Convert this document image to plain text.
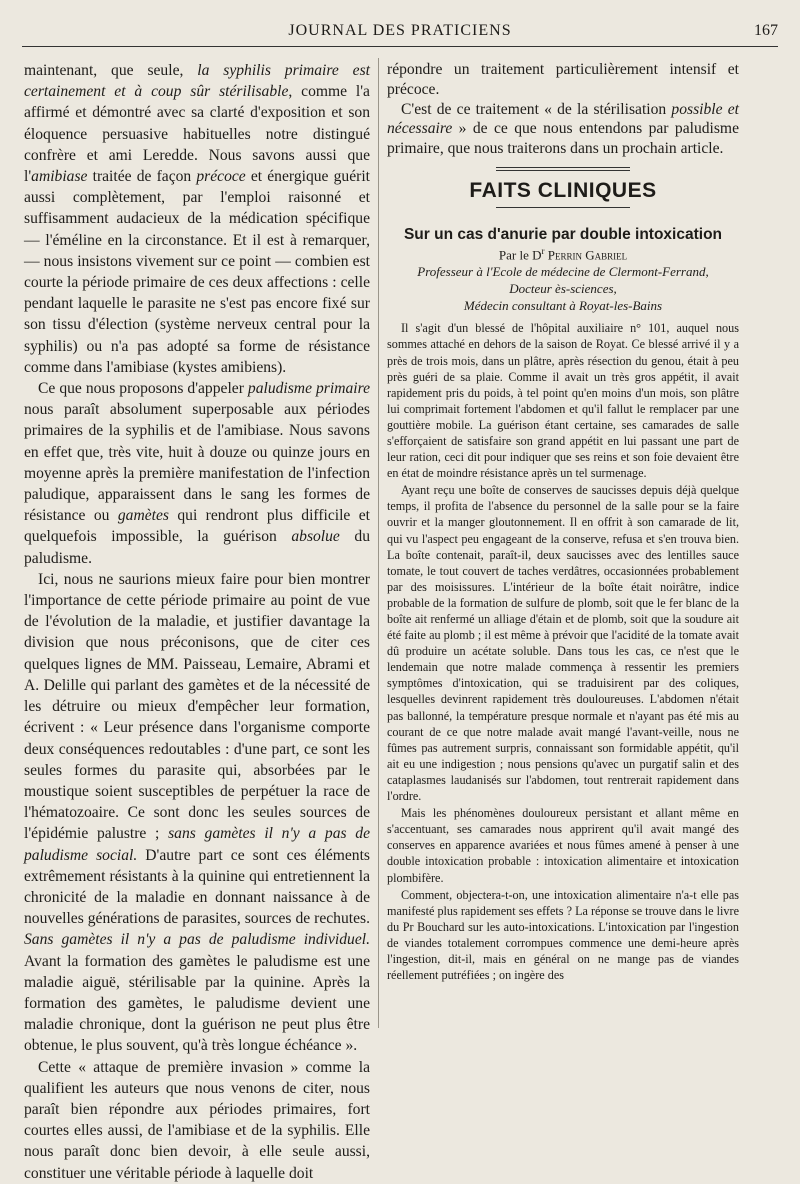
JOURNAL DES PRATICIENS	167

maintenant, que seule, la syphilis primaire est certainement et à coup sûr stérilisable, comme l'a affirmé et démontré avec sa clarté d'exposition et son éloquence persuasive habituelles notre distingué confrère et ami Leredde. Nous savons aussi que l'amibiase traitée de façon précoce et énergique guérit aussi complètement, par l'emploi raisonné et suffisamment audacieux de la médication spécifique — l'éméline en la circonstance. Et il est à remarquer, — nous insistons vivement sur ce point — combien est courte la période primaire de ces deux affections : celle pendant laquelle le parasite ne s'est pas encore fixé sur son tissu d'élection (système nerveux central pour la syphilis) ou n'a pas adopté sa forme de résistance comme dans l'amibiase (kystes amibiens).

Ce que nous proposons d'appeler paludisme primaire nous paraît absolument superposable aux périodes primaires de la syphilis et de l'amibiase. Nous savons en effet que, très vite, huit à douze ou quinze jours en moyenne après la première manifestation de l'infection paludique, apparaissent dans le sang les formes de résistance ou gamètes qui rendront plus difficile et quelquefois impossible, la guérison absolue du paludisme.

Ici, nous ne saurions mieux faire pour bien montrer l'importance de cette période primaire au point de vue de l'évolution de la maladie, et justifier davantage la division que nous préconisons, que de citer ces quelques lignes de MM. Paisseau, Lemaire, Abrami et A. Delille qui parlant des gamètes et de la nécessité de les détruire ou mieux d'empêcher leur formation, écrivent : « Leur présence dans l'organisme comporte deux conséquences redoutables : d'une part, ce sont les seules formes du parasite qui, absorbées par le moustique soient susceptibles de perpétuer la race de l'hématozoaire. Ce sont donc les seules sources de l'épidémie palustre ; sans gamètes il n'y a pas de paludisme social. D'autre part ce sont ces éléments extrêmement résistants à la quinine qui entretiennent la chronicité de la maladie en donnant naissance à de nouvelles générations de parasites, sources de rechutes. Sans gamètes il n'y a pas de paludisme individuel. Avant la formation des gamètes le paludisme est une maladie aiguë, stérilisable par la quinine. Après la formation des gamètes, le paludisme devient une maladie chronique, dont la guérison ne peut plus être obtenue, le plus souvent, qu'à très longue échéance ».

Cette « attaque de première invasion » comme la qualifient les auteurs que nous venons de citer, nous paraît bien répondre aux périodes primaires, fort courtes elles aussi, de l'amibiase et de la syphilis. Elle nous paraît donc bien devoir, à elle seule aussi, constituer une véritable période à laquelle doit

répondre un traitement particulièrement intensif et précoce.

C'est de ce traitement « de la stérilisation possible et nécessaire » de ce que nous entendons par paludisme primaire, que nous traiterons dans un prochain article.

FAITS CLINIQUES
Sur un cas d'anurie par double intoxication
Par le $D^r$ Perrin Gabriel
Professeur à l'Ecole de médecine de Clermont-Ferrand,
Docteur ès-sciences,
Médecin consultant à Royat-les-Bains

Il s'agit d'un blessé de l'hôpital auxiliaire n° 101, auquel nous sommes attaché en dehors de la saison de Royat. Ce blessé arrivé il y a près de trois mois, dans un plâtre, après résection du genou, était à peu près guéri de sa plaie. Comme il avait un très gros appétit, il avait rapidement pris du poids, à tel point qu'en moins d'un mois, son plâtre lui comprimait fortement l'abdomen et qu'il fallut le remplacer par une gouttière mobile. La guérison étant certaine, ses camarades de salle s'efforçaient de satisfaire son grand appétit en lui passant une part de leur ration, ceci dit pour indiquer que ses reins et son foie devaient être en état de moindre résistance après un tel surmenage.

Ayant reçu une boîte de conserves de saucisses depuis déjà quelque temps, il profita de l'absence du personnel de la salle pour se la faire ouvrir et la manger gloutonnement. Il en offrit à son camarade de lit, qui vu l'aspect peu engageant de la conserve, refusa et s'en trouva bien. La boîte contenait, paraît-il, deux saucisses avec des lentilles sauce tomate, le tout couvert de taches verdâtres, occasionnées probablement par des moisissures. L'intérieur de la boîte était noirâtre, indice probable de la formation de sulfure de plomb, soit que le fer blanc de la boîte ait renfermé un alliage d'étain et de plomb, soit que la soudure ait été faite au plomb ; il est même à prévoir que l'acidité de la tomate avait dû produire un acétate soluble. Dans tous les cas, ce n'est que le lendemain que notre malade commença à ressentir les premiers symptômes d'intoxication, qui se traduisirent par des coliques, lesquelles devinrent rapidement très douloureuses. L'abdomen n'était pas ballonné, la température presque normale et n'ayant pas été mis au courant de ce que notre malade avait mangé l'avant-veille, nous ne fûmes pas autrement surpris, connaissant son formidable appétit, qu'il ait eu une indigestion ; nous pensions qu'avec un purgatif salin et des cataplasmes laudanisés sur l'abdomen, tout rentrerait rapidement dans l'ordre.

Mais les phénomènes douloureux persistant et allant même en s'accentuant, ses camarades nous apprirent qu'il avait mangé des conserves en apparence avariées et nous fûmes amené à penser à une double intoxication probable : intoxication alimentaire et intoxication plombifère.

Comment, objectera-t-on, une intoxication alimentaire n'a-t elle pas manifesté plus rapidement ses effets ? La réponse se trouve dans le livre du Pr Bouchard sur les auto-intoxications. L'intoxication par l'ingestion de viandes totalement corrompues commence une demi-heure après l'ingestion, dit-il, mais en général on ne mange pas de viandes réellement putréfiées ; on ingère des
